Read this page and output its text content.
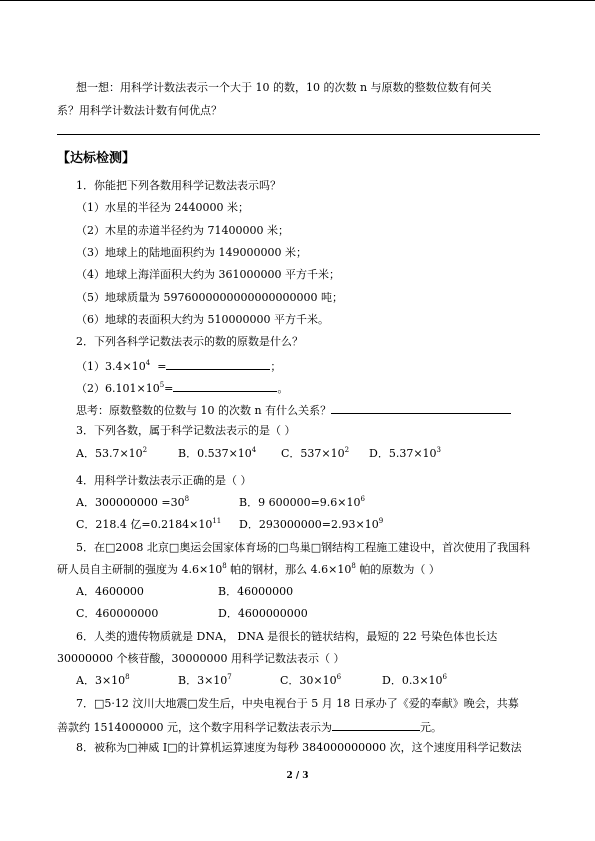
想一想：用科学计数法表示一个大于 10 的数，10 的次数 n 与原数的整数位数有何关
系？用科学计数法计数有何优点？
【达标检测】
1．你能把下列各数用科学记数法表示吗？
（1）水星的半径为 2440000 米；
（2）木星的赤道半径约为 71400000 米；
（3）地球上的陆地面积约为 149000000 米；
（4）地球上海洋面积大约为 361000000 平方千米；
（5）地球质量为 5976000000000000000000 吨；
（6）地球的表面积大约为 510000000 平方千米。
2．下列各科学记数法表示的数的原数是什么？
$(1)3.4\times 10^4$ =	；
$(2)6.101\times 10^5=$	。
思考：原数整数的位数与 10 的次数 n 有什么关系？
3．下列各数，属于科学记数法表示的是（ ）
A．$53.7\times 10^2$	B．$0.537\times 10^4$ C．$537\times 10^2$ D．$5.37\times 10^3$
4．用科学计数法表示正确的是（ ）
A．$300000000 =30^8$	B．9 $600000=9.6\times 10^6$
C．218.4 亿$=0.2184\times 10^{11}$ D．$293000000=2.93\times 10^9$
5．在□2008 北京□奥运会国家体育场的□鸟巢□钢结构工程施工建设中，首次使用了我国科
研人员自主研制的强度为 $4.6\times 10^8$ 帕的钢材，那么 $4.6\times 10^8$ 帕的原数为（ ）
A．4600000	B．46000000
C．460000000	D．4600000000
6．人类的遗传物质就是 DNA， DNA 是很长的链状结构，最短的 22 号染色体也长达
30000000 个核苷酸，30000000 用科学记数法表示（ ）
A．$3\times 10^8$	B．$3\times 10^7$	C．$30\times 10^6$	D．$0.3\times 10^6$
7．□5·12 汶川大地震□发生后，中央电视台于 5 月 18 日承办了《爱的奉献》晚会，共募
善款约 1514000000 元，这个数字用科学记数法表示为	元。
8．被称为□神威 I□的计算机运算速度为每秒 384000000000 次，这个速度用科学记数法
2 / 3
